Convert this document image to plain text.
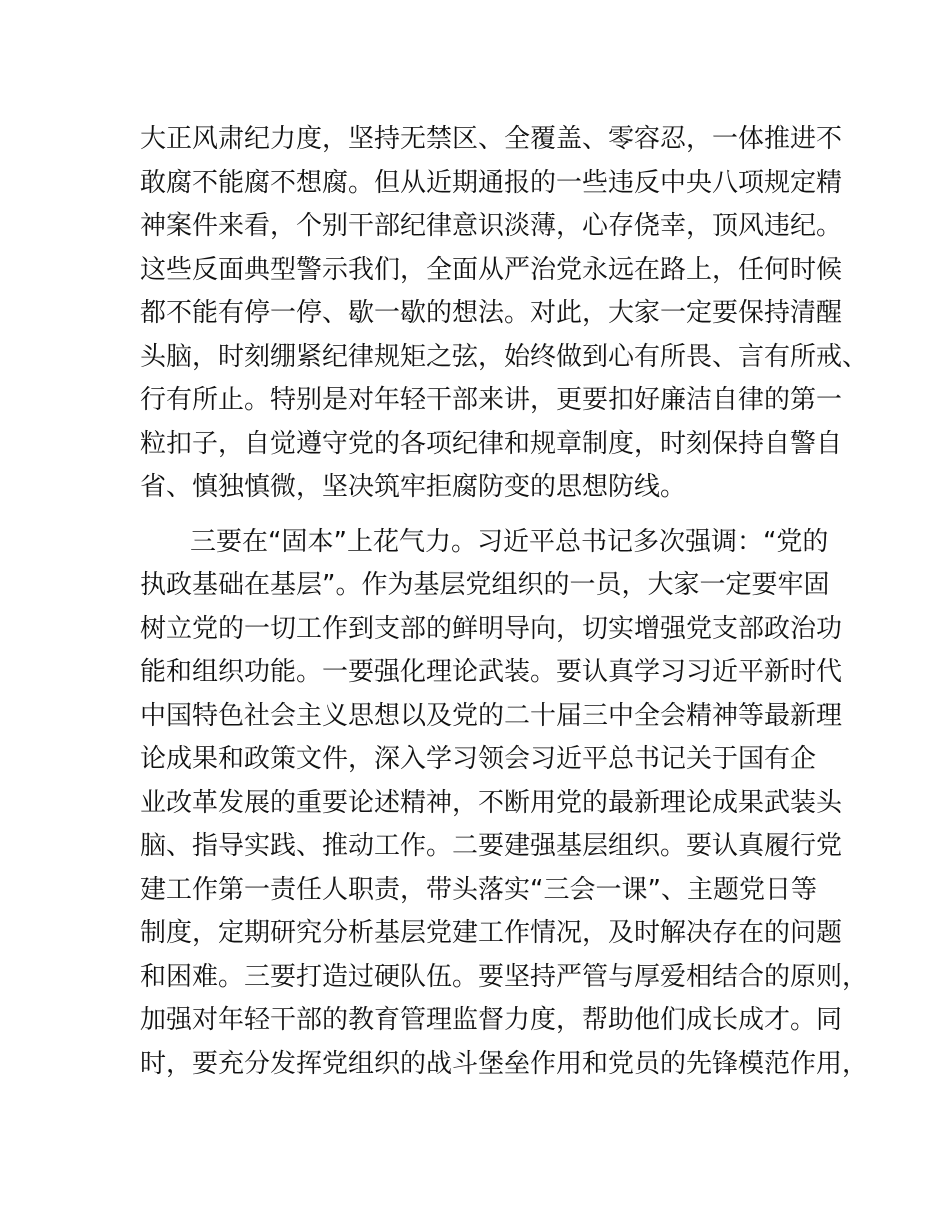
大正风肃纪力度，坚持无禁区、全覆盖、零容忍，一体推进不
敢腐不能腐不想腐。但从近期通报的一些违反中央八项规定精
神案件来看，个别干部纪律意识淡薄，心存侥幸，顶风违纪。
这些反面典型警示我们，全面从严治党永远在路上，任何时候
都不能有停一停、歇一歇的想法。对此，大家一定要保持清醒
头脑，时刻绷紧纪律规矩之弦，始终做到心有所畏、言有所戒、
行有所止。特别是对年轻干部来讲，更要扣好廉洁自律的第一
粒扣子，自觉遵守党的各项纪律和规章制度，时刻保持自警自
省、慎独慎微，坚决筑牢拒腐防变的思想防线。
三要在“固本”上花气力。习近平总书记多次强调：“党的
执政基础在基层”。作为基层党组织的一员，大家一定要牢固
树立党的一切工作到支部的鲜明导向，切实增强党支部政治功
能和组织功能。一要强化理论武装。要认真学习习近平新时代
中国特色社会主义思想以及党的二十届三中全会精神等最新理
论成果和政策文件，深入学习领会习近平总书记关于国有企
业改革发展的重要论述精神，不断用党的最新理论成果武装头
脑、指导实践、推动工作。二要建强基层组织。要认真履行党
建工作第一责任人职责，带头落实“三会一课”、主题党日等
制度，定期研究分析基层党建工作情况，及时解决存在的问题
和困难。三要打造过硬队伍。要坚持严管与厚爱相结合的原则，
加强对年轻干部的教育管理监督力度，帮助他们成长成才。同
时，要充分发挥党组织的战斗堡垒作用和党员的先锋模范作用，
